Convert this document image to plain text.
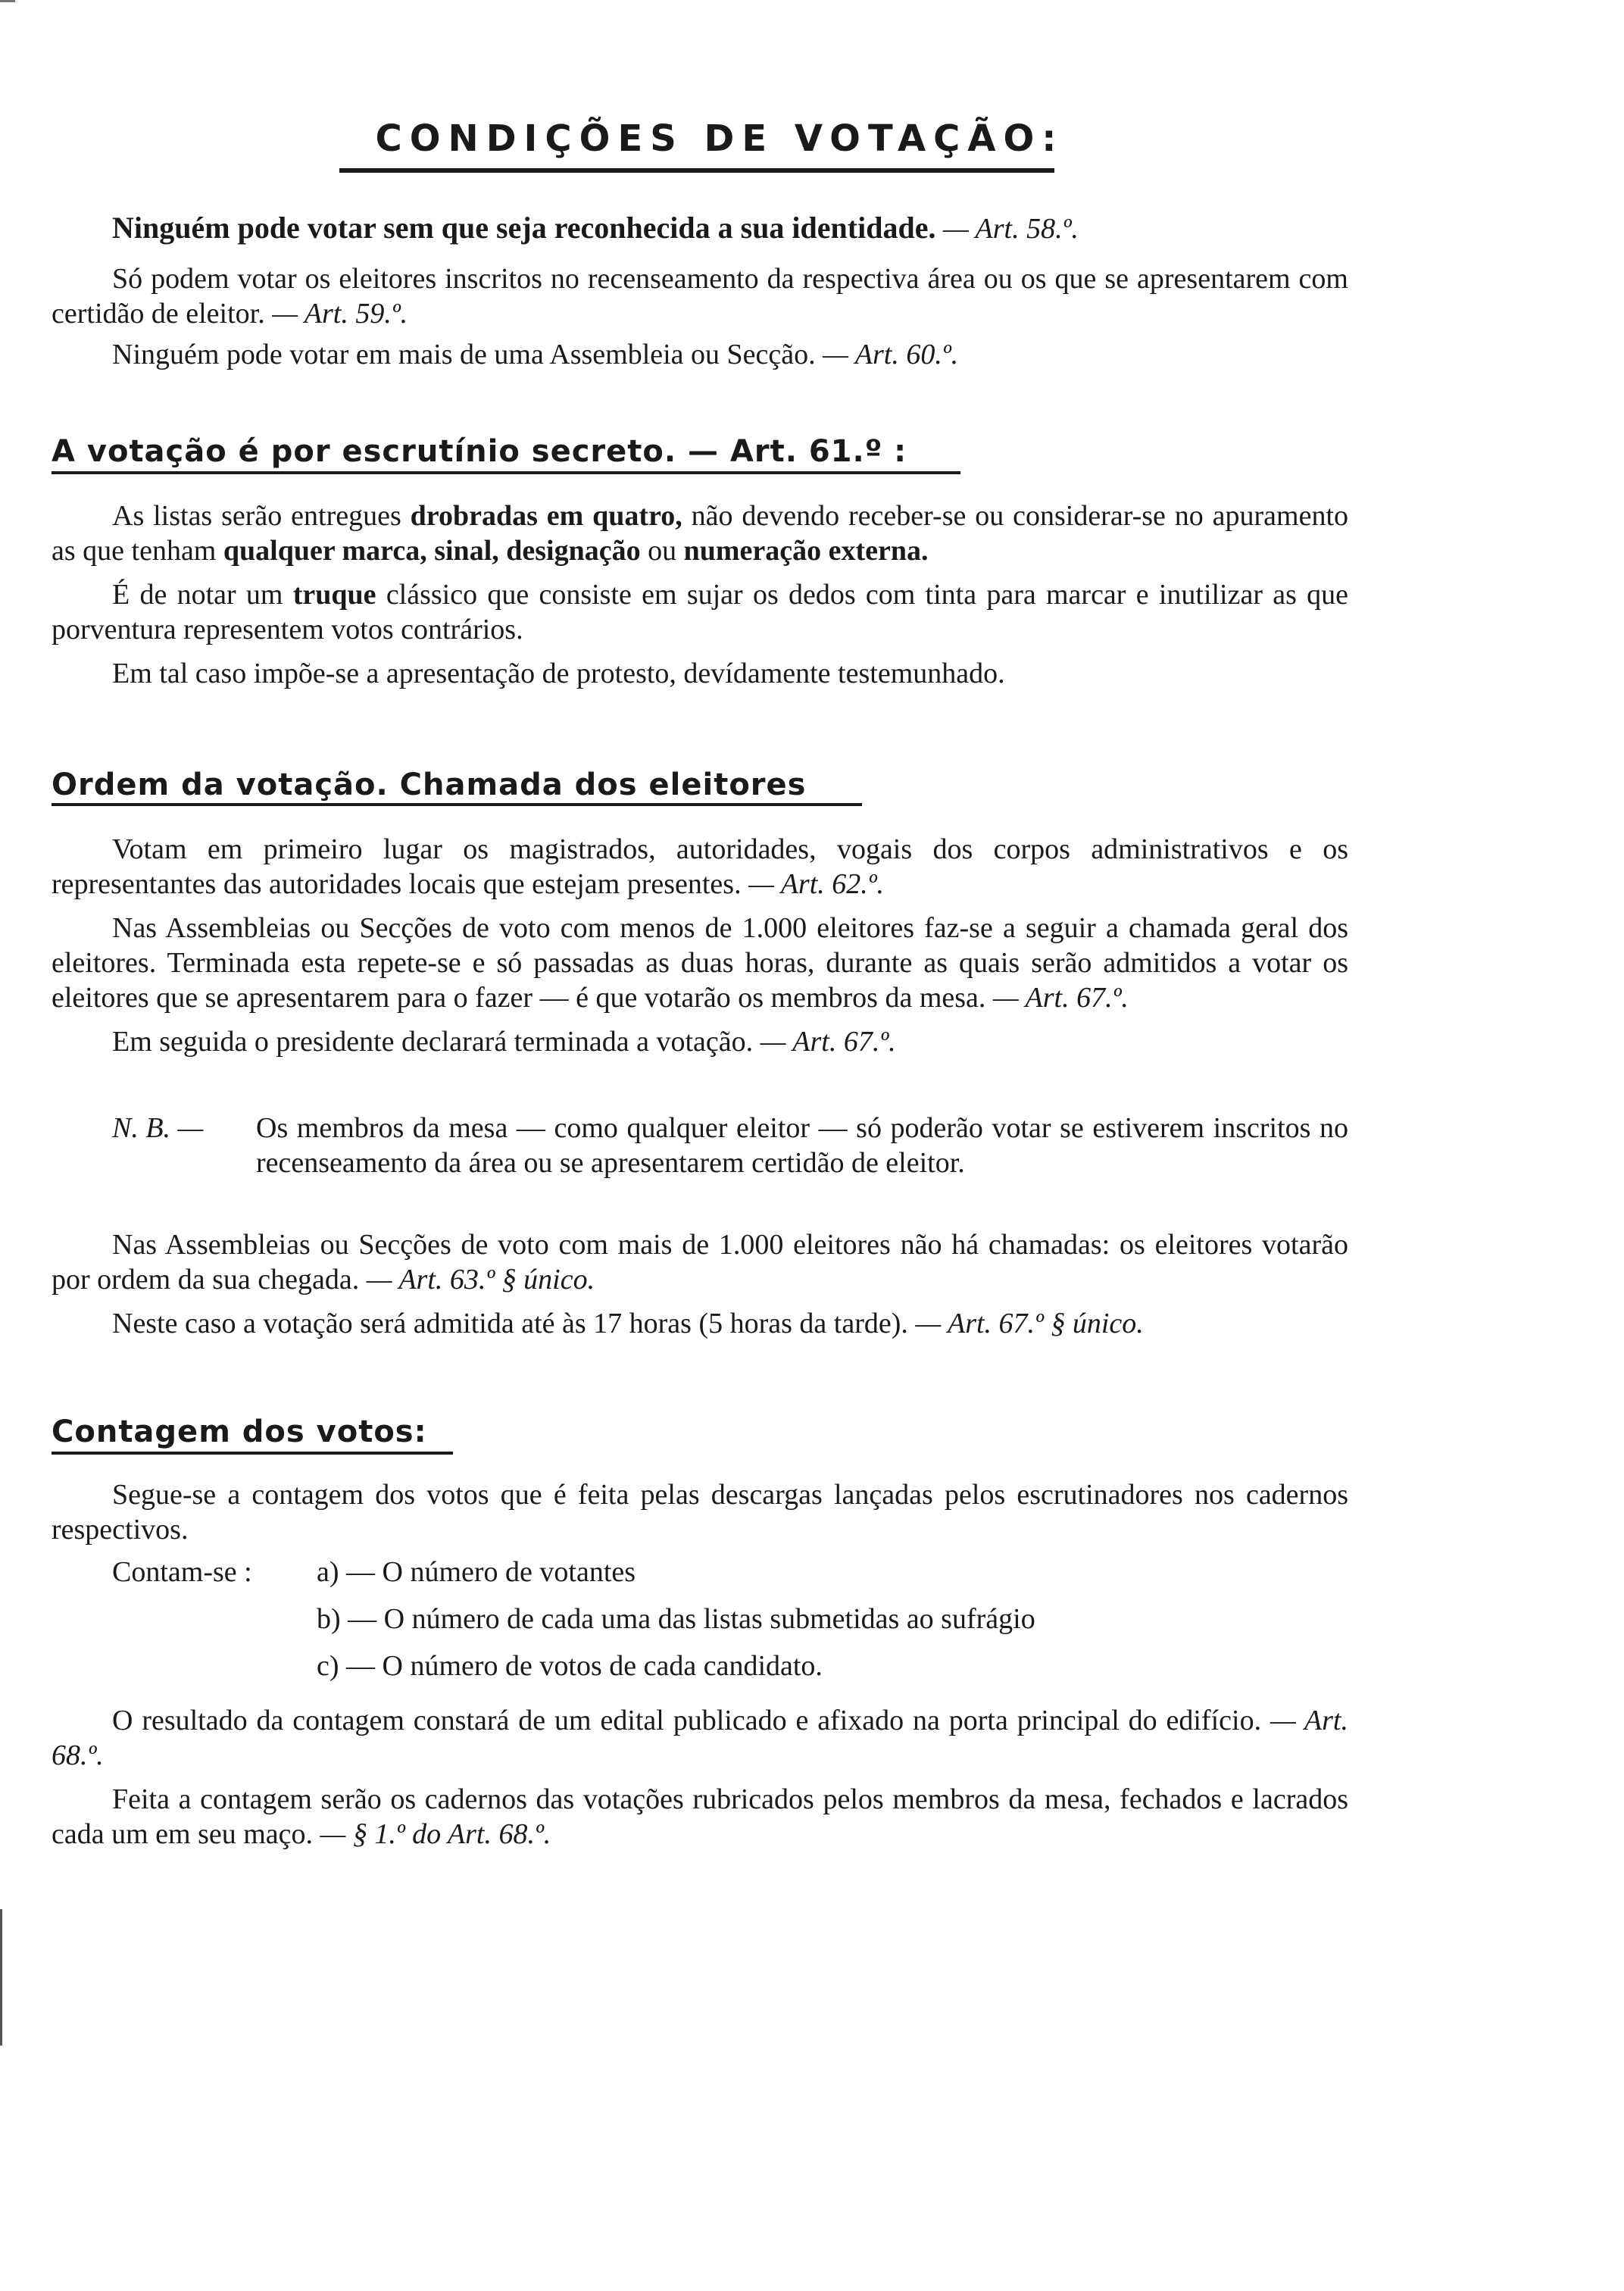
CONDIÇÕES DE VOTAÇÃO:

Ninguém pode votar sem que seja reconhecida a sua identidade. — Art. 58.º.

Só podem votar os eleitores inscritos no recenseamento da respectiva área ou os que se apresentarem com certidão de eleitor. — Art. 59.º.

Ninguém pode votar em mais de uma Assembleia ou Secção. — Art. 60.º.

A votação é por escrutínio secreto. — Art. 61.º :

As listas serão entregues drobradas em quatro, não devendo receber-se ou considerar-se no apuramento as que tenham qualquer marca, sinal, designação ou numeração externa.

É de notar um truque clássico que consiste em sujar os dedos com tinta para marcar e inutilizar as que porventura representem votos contrários.

Em tal caso impõe-se a apresentação de protesto, devídamente testemunhado.

Ordem da votação. Chamada dos eleitores

Votam em primeiro lugar os magistrados, autoridades, vogais dos corpos administrativos e os representantes das autoridades locais que estejam presentes. — Art. 62.º.

Nas Assembleias ou Secções de voto com menos de 1.000 eleitores faz-se a seguir a chamada geral dos eleitores. Terminada esta repete-se e só passadas as duas horas, durante as quais serão admitidos a votar os eleitores que se apresentarem para o fazer — é que votarão os membros da mesa. — Art. 67.º.

Em seguida o presidente declarará terminada a votação. — Art. 67.º.

N. B. — Os membros da mesa — como qualquer eleitor — só poderão votar se estiverem inscritos no recenseamento da área ou se apresentarem certidão de eleitor.

Nas Assembleias ou Secções de voto com mais de 1.000 eleitores não há chamadas: os eleitores votarão por ordem da sua chegada. — Art. 63.º § único.

Neste caso a votação será admitida até às 17 horas (5 horas da tarde). — Art. 67.º § único.

Contagem dos votos:

Segue-se a contagem dos votos que é feita pelas descargas lançadas pelos escrutinadores nos cadernos respectivos.

Contam-se : a) — O número de votantes
b) — O número de cada uma das listas submetidas ao sufrágio
c) — O número de votos de cada candidato.

O resultado da contagem constará de um edital publicado e afixado na porta principal do edifício. — Art. 68.º.

Feita a contagem serão os cadernos das votações rubricados pelos membros da mesa, fechados e lacrados cada um em seu maço. — § 1.º do Art. 68.º.
